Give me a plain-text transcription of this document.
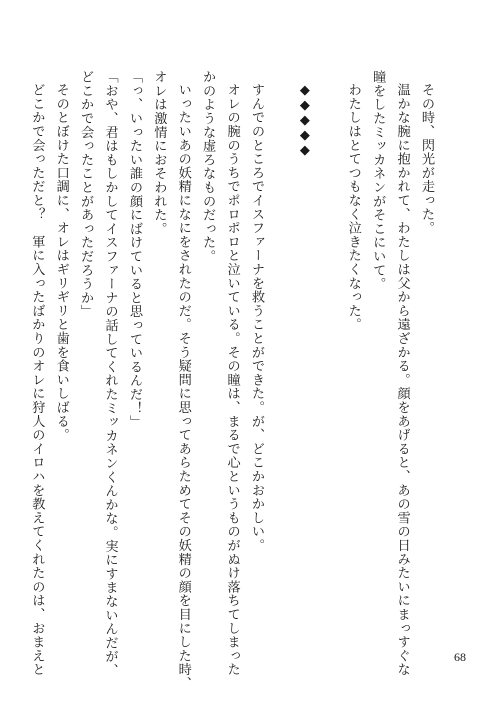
その時、閃光が走った。
温かな腕に抱かれて、わたしは父から遠ざかる。顔をあげると、あの雪の日みたいにまっすぐな
瞳をしたミッカネンがそこにいて。
わたしはとてつもなく泣きたくなった。
◆◆◆◆◆
すんでのところでイスファーナを救うことができた。が、どこかおかしい。
オレの腕のうちでポロポロと泣いている。その瞳は、まるで心というものがぬけ落ちてしまった
かのような虚ろなものだった。
いったいあの妖精になにをされたのだ。そう疑問に思ってあらためてその妖精の顔を目にした時、
オレは激情におそわれた。
「っ、いったい誰の顔にばけていると思っているんだ！」
「おや、君はもしかしてイスファーナの話してくれたミッカネンくんかな。実にすまないんだが、
どこかで会ったことがあっただろうか」
そのとぼけた口調に、オレはギリギリと歯を食いしばる。
どこかで会っただと？　軍に入ったばかりのオレに狩人のイロハを教えてくれたのは、おまえと	68
